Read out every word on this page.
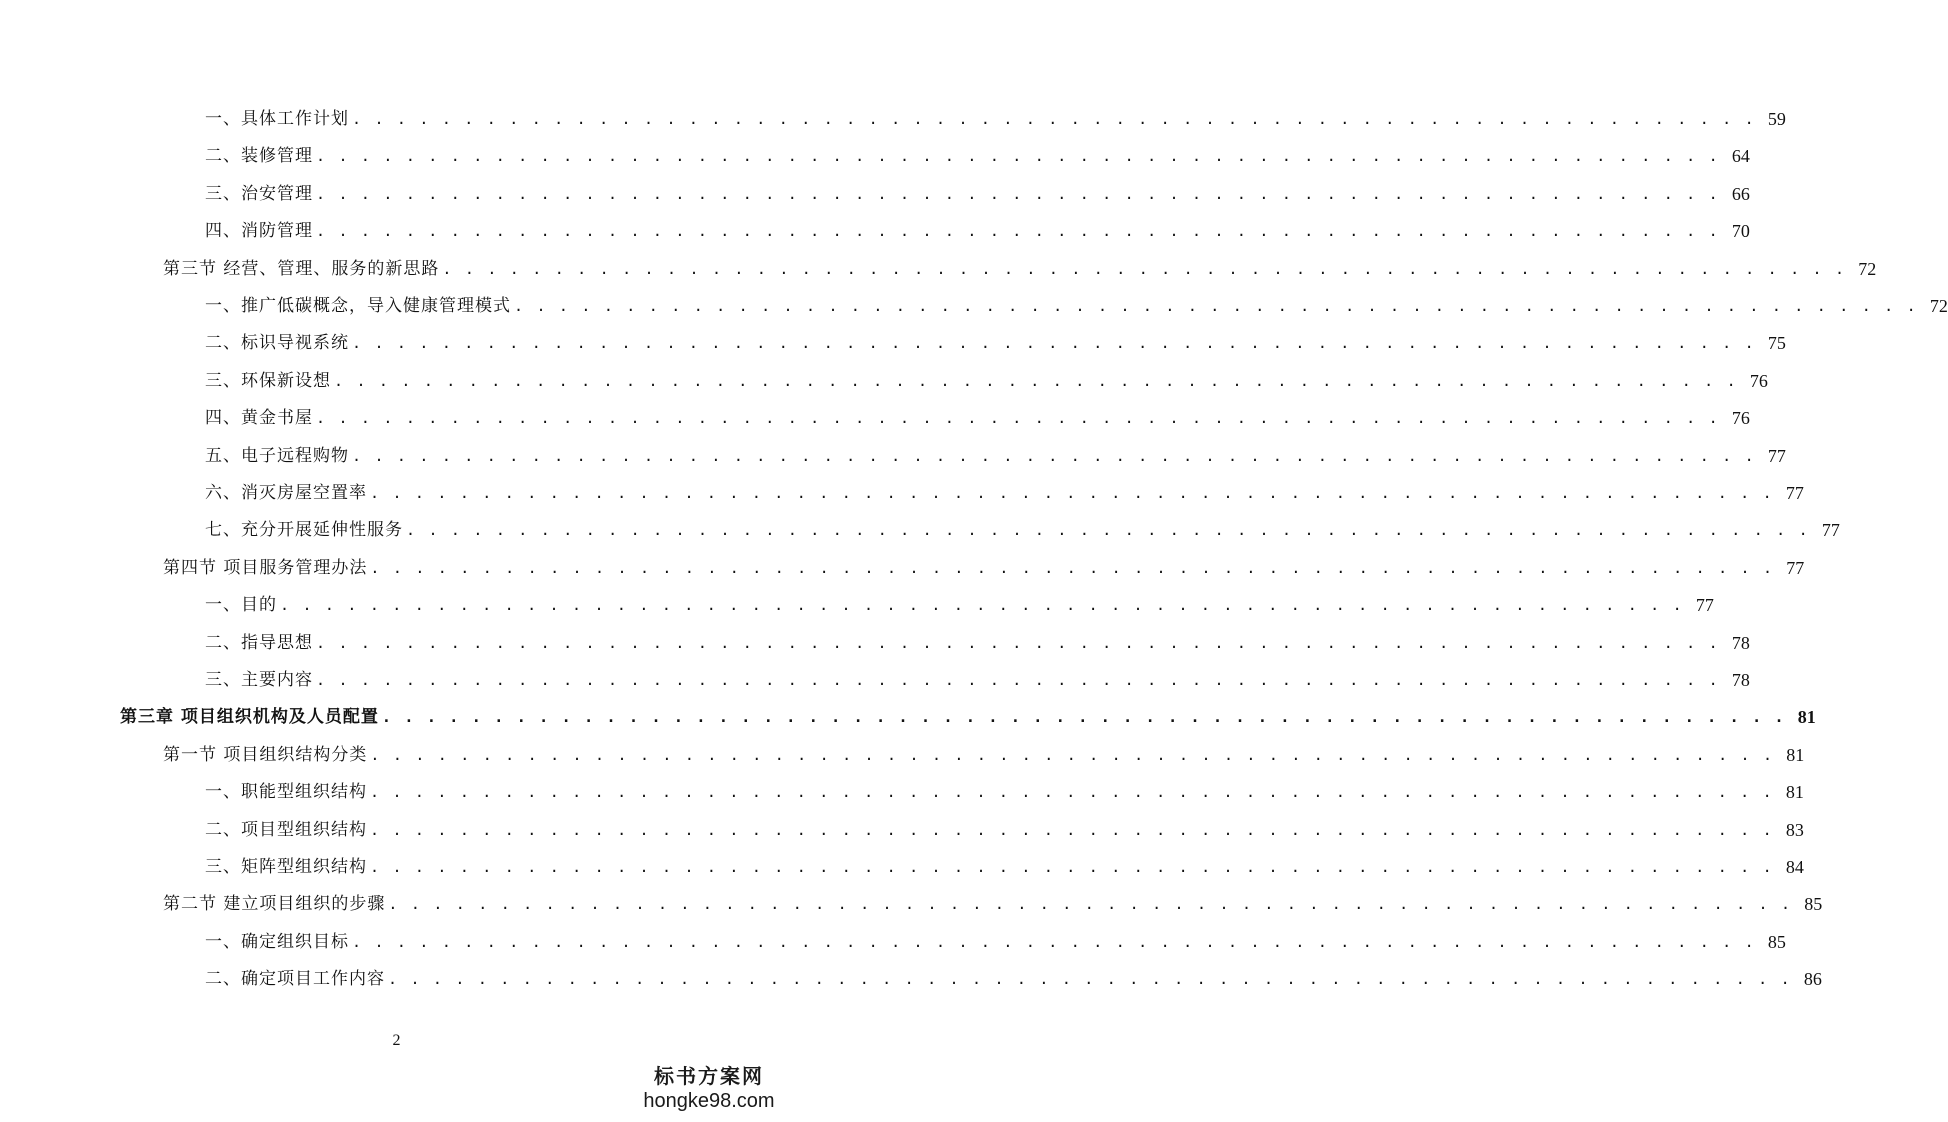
一、具体工作计划 . . . . . . . . . . . . . . . . . . . . . . . . . . . . . . . . . . . . . . . . . . . . . . . . . . . . . . . . . . . . . . . 59
二、装修管理 . . . . . . . . . . . . . . . . . . . . . . . . . . . . . . . . . . . . . . . . . . . . . . . . . . . . . . . . . . . . . . . 64
三、治安管理 . . . . . . . . . . . . . . . . . . . . . . . . . . . . . . . . . . . . . . . . . . . . . . . . . . . . . . . . . . . . . . . 66
四、消防管理 . . . . . . . . . . . . . . . . . . . . . . . . . . . . . . . . . . . . . . . . . . . . . . . . . . . . . . . . . . . . . . . 70
第三节 经营、管理、服务的新思路 . . . . . . . . . . . . . . . . . . . . . . . . . . . . . . . . . . . . . . . . . . . . . . . . . . . . . . . . . . . . . . . 72
一、推广低碳概念，导入健康管理模式 . . . . . . . . . . . . . . . . . . . . . . . . . . . . . . . . . . . . . . . . . . . . . . . . . . . . . . . . . . . . . . . 72
二、标识导视系统 . . . . . . . . . . . . . . . . . . . . . . . . . . . . . . . . . . . . . . . . . . . . . . . . . . . . . . . . . . . . . . . 75
三、环保新设想 . . . . . . . . . . . . . . . . . . . . . . . . . . . . . . . . . . . . . . . . . . . . . . . . . . . . . . . . . . . . . . . 76
四、黄金书屋 . . . . . . . . . . . . . . . . . . . . . . . . . . . . . . . . . . . . . . . . . . . . . . . . . . . . . . . . . . . . . . . 76
五、电子远程购物 . . . . . . . . . . . . . . . . . . . . . . . . . . . . . . . . . . . . . . . . . . . . . . . . . . . . . . . . . . . . . . . 77
六、消灭房屋空置率 . . . . . . . . . . . . . . . . . . . . . . . . . . . . . . . . . . . . . . . . . . . . . . . . . . . . . . . . . . . . . . . 77
七、充分开展延伸性服务 . . . . . . . . . . . . . . . . . . . . . . . . . . . . . . . . . . . . . . . . . . . . . . . . . . . . . . . . . . . . . . . 77
第四节 项目服务管理办法 . . . . . . . . . . . . . . . . . . . . . . . . . . . . . . . . . . . . . . . . . . . . . . . . . . . . . . . . . . . . . . . 77
一、目的 . . . . . . . . . . . . . . . . . . . . . . . . . . . . . . . . . . . . . . . . . . . . . . . . . . . . . . . . . . . . . . . 77
二、指导思想 . . . . . . . . . . . . . . . . . . . . . . . . . . . . . . . . . . . . . . . . . . . . . . . . . . . . . . . . . . . . . . . 78
三、主要内容 . . . . . . . . . . . . . . . . . . . . . . . . . . . . . . . . . . . . . . . . . . . . . . . . . . . . . . . . . . . . . . . 78
第三章 项目组织机构及人员配置 . . . . . . . . . . . . . . . . . . . . . . . . . . . . . . . . . . . . . . . . . . . . . . . . . . . . . . . . . . . . . . . 81
第一节 项目组织结构分类 . . . . . . . . . . . . . . . . . . . . . . . . . . . . . . . . . . . . . . . . . . . . . . . . . . . . . . . . . . . . . . . 81
一、职能型组织结构 . . . . . . . . . . . . . . . . . . . . . . . . . . . . . . . . . . . . . . . . . . . . . . . . . . . . . . . . . . . . . . . 81
二、项目型组织结构 . . . . . . . . . . . . . . . . . . . . . . . . . . . . . . . . . . . . . . . . . . . . . . . . . . . . . . . . . . . . . . . 83
三、矩阵型组织结构 . . . . . . . . . . . . . . . . . . . . . . . . . . . . . . . . . . . . . . . . . . . . . . . . . . . . . . . . . . . . . . . 84
第二节 建立项目组织的步骤 . . . . . . . . . . . . . . . . . . . . . . . . . . . . . . . . . . . . . . . . . . . . . . . . . . . . . . . . . . . . . . . 85
一、确定组织目标 . . . . . . . . . . . . . . . . . . . . . . . . . . . . . . . . . . . . . . . . . . . . . . . . . . . . . . . . . . . . . . . 85
二、确定项目工作内容 . . . . . . . . . . . . . . . . . . . . . . . . . . . . . . . . . . . . . . . . . . . . . . . . . . . . . . . . . . . . . . . 86
2
标书方案网
hongke98.com
